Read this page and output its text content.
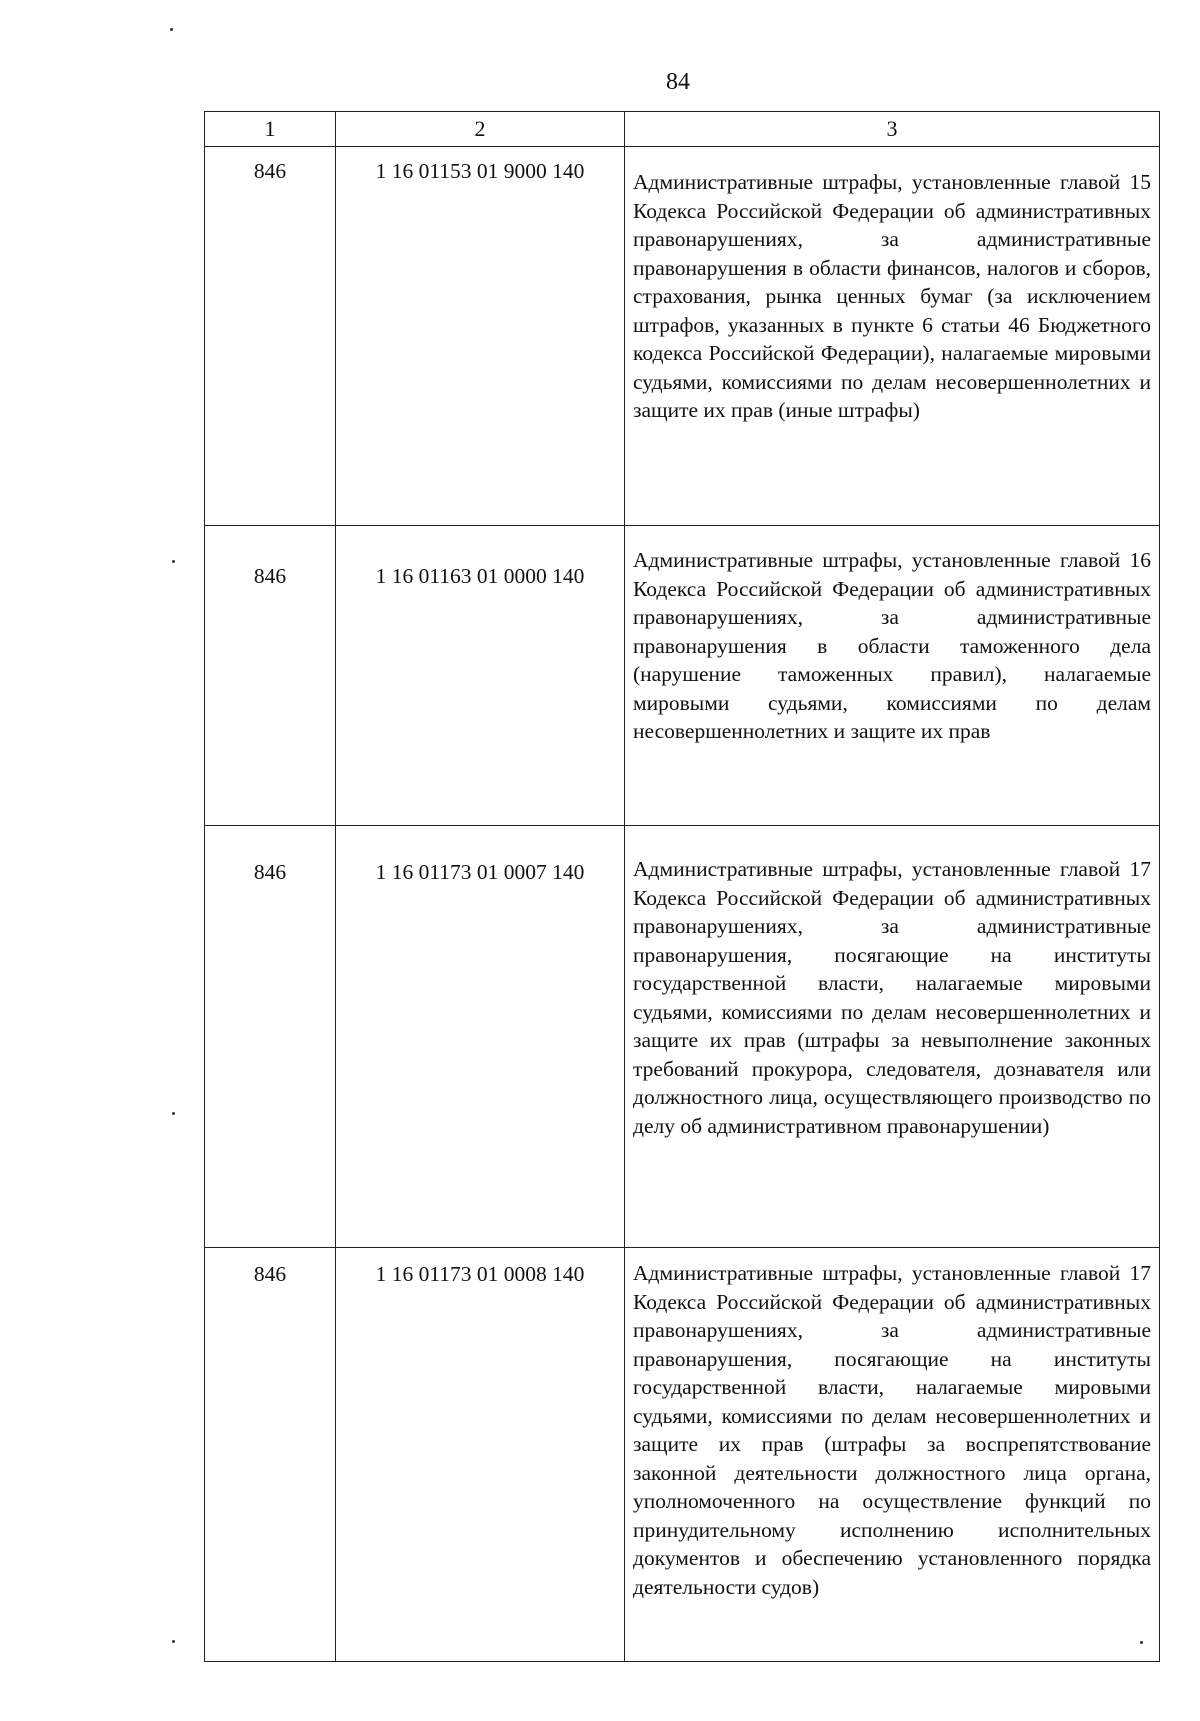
84
1	2	3
846	1 16 01153 01 9000 140	Административные штрафы, установленные главой 15 Кодекса Российской Федерации об административных правонарушениях, за административные правонарушения в области финансов, налогов и сборов, страхования, рынка ценных бумаг (за исключением штрафов, указанных в пункте 6 статьи 46 Бюджетного кодекса Российской Федерации), налагаемые мировыми судьями, комиссиями по делам несовершеннолетних и защите их прав (иные штрафы)

846	1 16 01163 01 0000 140	Административные штрафы, установленные главой 16 Кодекса Российской Федерации об административных правонарушениях, за административные правонарушения в области таможенного дела (нарушение таможенных правил), налагаемые мировыми судьями, комиссиями по делам несовершеннолетних и защите их прав

846	1 16 01173 01 0007 140	Административные штрафы, установленные главой 17 Кодекса Российской Федерации об административных правонарушениях, за административные правонарушения, посягающие на институты государственной власти, налагаемые мировыми судьями, комиссиями по делам несовершеннолетних и защите их прав (штрафы за невыполнение законных требований прокурора, следователя, дознавателя или должностного лица, осуществляющего производство по делу об административном правонарушении)

846	1 16 01173 01 0008 140	Административные штрафы, установленные главой 17 Кодекса Российской Федерации об административных правонарушениях, за административные правонарушения, посягающие на институты государственной власти, налагаемые мировыми судьями, комиссиями по делам несовершеннолетних и защите их прав (штрафы за воспрепятствование законной деятельности должностного лица органа, уполномоченного на осуществление функций по принудительному исполнению исполнительных документов и обеспечению установленного порядка деятельности судов)
